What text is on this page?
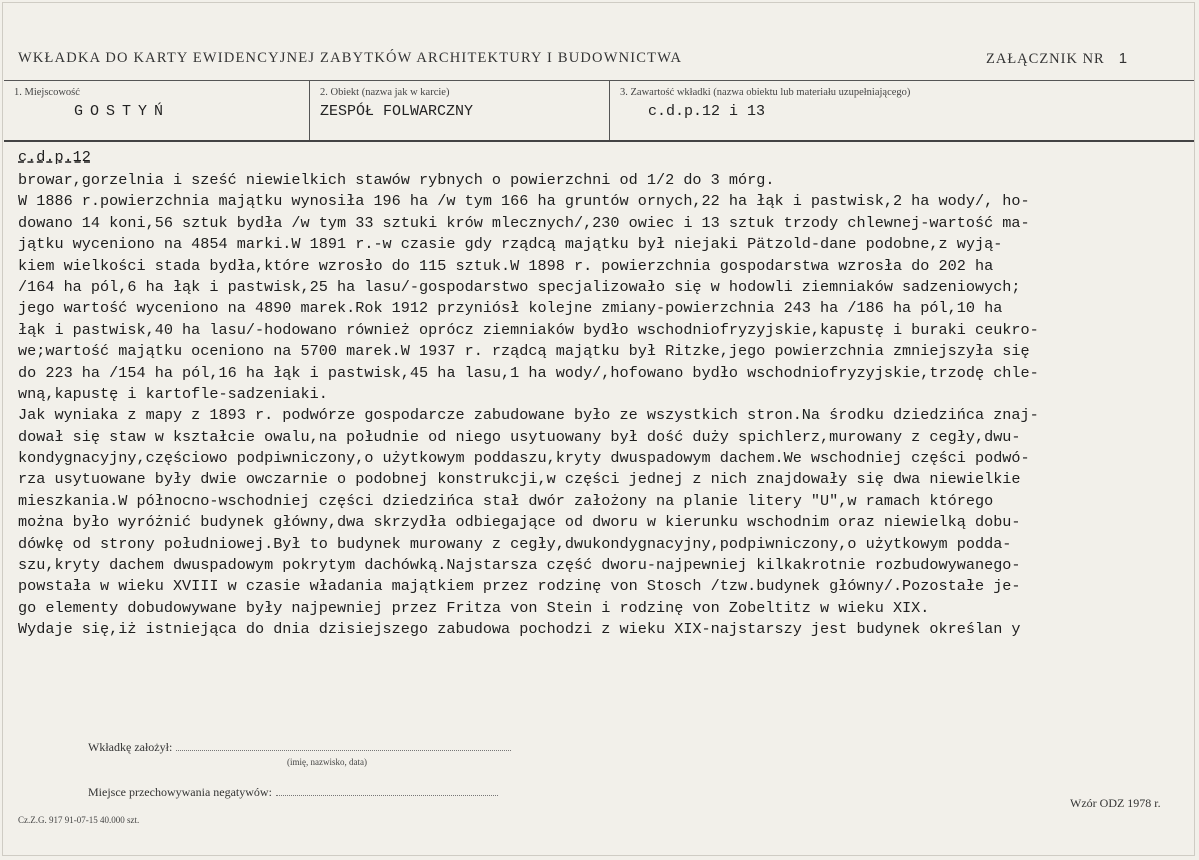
WKŁADKA DO KARTY EWIDENCYJNEJ ZABYTKÓW ARCHITEKTURY I BUDOWNICTWA	ZAŁĄCZNIK NR 1
1. Miejscowość
GOSTYŃ
2. Obiekt (nazwa jak w karcie)
ZESPÓŁ FOLWARCZNY
3. Zawartość wkładki (nazwa obiektu lub materiału uzupełniającego)
c.d.p.12 i 13
c.d.p.12
browar,gorzelnia i sześć niewielkich stawów rybnych o powierzchni od 1/2 do 3 mórg.
W 1886 r.powierzchnia majątku wynosiła 196 ha /w tym 166 ha gruntów ornych,22 ha łąk i pastwisk,2 ha wody/, ho-
dowano 14 koni,56 sztuk bydła /w tym 33 sztuki krów mlecznych/,230 owiec i 13 sztuk trzody chlewnej-wartość ma-
jątku wyceniono na 4854 marki.W 1891 r.-w czasie gdy rządcą majątku był niejaki Pätzold-dane podobne,z wyją-
kiem wielkości stada bydła,które wzrosło do 115 sztuk.W 1898 r. powierzchnia gospodarstwa wzrosła do 202 ha
/164 ha pól,6 ha łąk i pastwisk,25 ha lasu/-gospodarstwo specjalizowało się w hodowli ziemniaków sadzeniowych;
jego wartość wyceniono na 4890 marek.Rok 1912 przyniósł kolejne zmiany-powierzchnia 243 ha /186 ha pól,10 ha
łąk i pastwisk,40 ha lasu/-hodowano również oprócz ziemniaków bydło wschodniofryzyjskie,kapustę i buraki ceukro-
we;wartość majątku oceniono na 5700 marek.W 1937 r. rządcą majątku był Ritzke,jego powierzchnia zmniejszyła się
do 223 ha /154 ha pól,16 ha łąk i pastwisk,45 ha lasu,1 ha wody/,hofowano bydło wschodniofryzyjskie,trzodę chle-
wną,kapustę i kartofle-sadzeniaki.
Jak wyniaka z mapy z 1893 r. podwórze gospodarcze zabudowane było ze wszystkich stron.Na środku dziedzińca znaj-
dował się staw w kształcie owalu,na południe od niego usytuowany był dość duży spichlerz,murowany z cegły,dwu-
kondygnacyjny,częściowo podpiwniczony,o użytkowym poddaszu,kryty dwuspadowym dachem.We wschodniej części podwó-
rza usytuowane były dwie owczarnie o podobnej konstrukcji,w części jednej z nich znajdowały się dwa niewielkie
mieszkania.W północno-wschodniej części dziedzińca stał dwór założony na planie litery "U",w ramach którego
można było wyróżnić budynek główny,dwa skrzydła odbiegające od dworu w kierunku wschodnim oraz niewielką dobu-
dówkę od strony południowej.Był to budynek murowany z cegły,dwukondygnacyjny,podpiwniczony,o użytkowym podda-
szu,kryty dachem dwuspadowym pokrytym dachówką.Najstarsza część dworu-najpewniej kilkakrotnie rozbudowywanego-
powstała w wieku XVIII w czasie władania majątkiem przez rodzinę von Stosch /tzw.budynek główny/.Pozostałe je-
go elementy dobudowywane były najpewniej przez Fritza von Stein i rodzinę von Zobeltitz w wieku XIX.
Wydaje się,iż istniejąca do dnia dzisiejszego zabudowa pochodzi z wieku XIX-najstarszy jest budynek określan y
Wkładkę założył:
(imię, nazwisko, data)
Miejsce przechowywania negatywów:
Wzór ODZ 1978 r.
Cz.Z.G. 917 91-07-15 40.000 szt.
